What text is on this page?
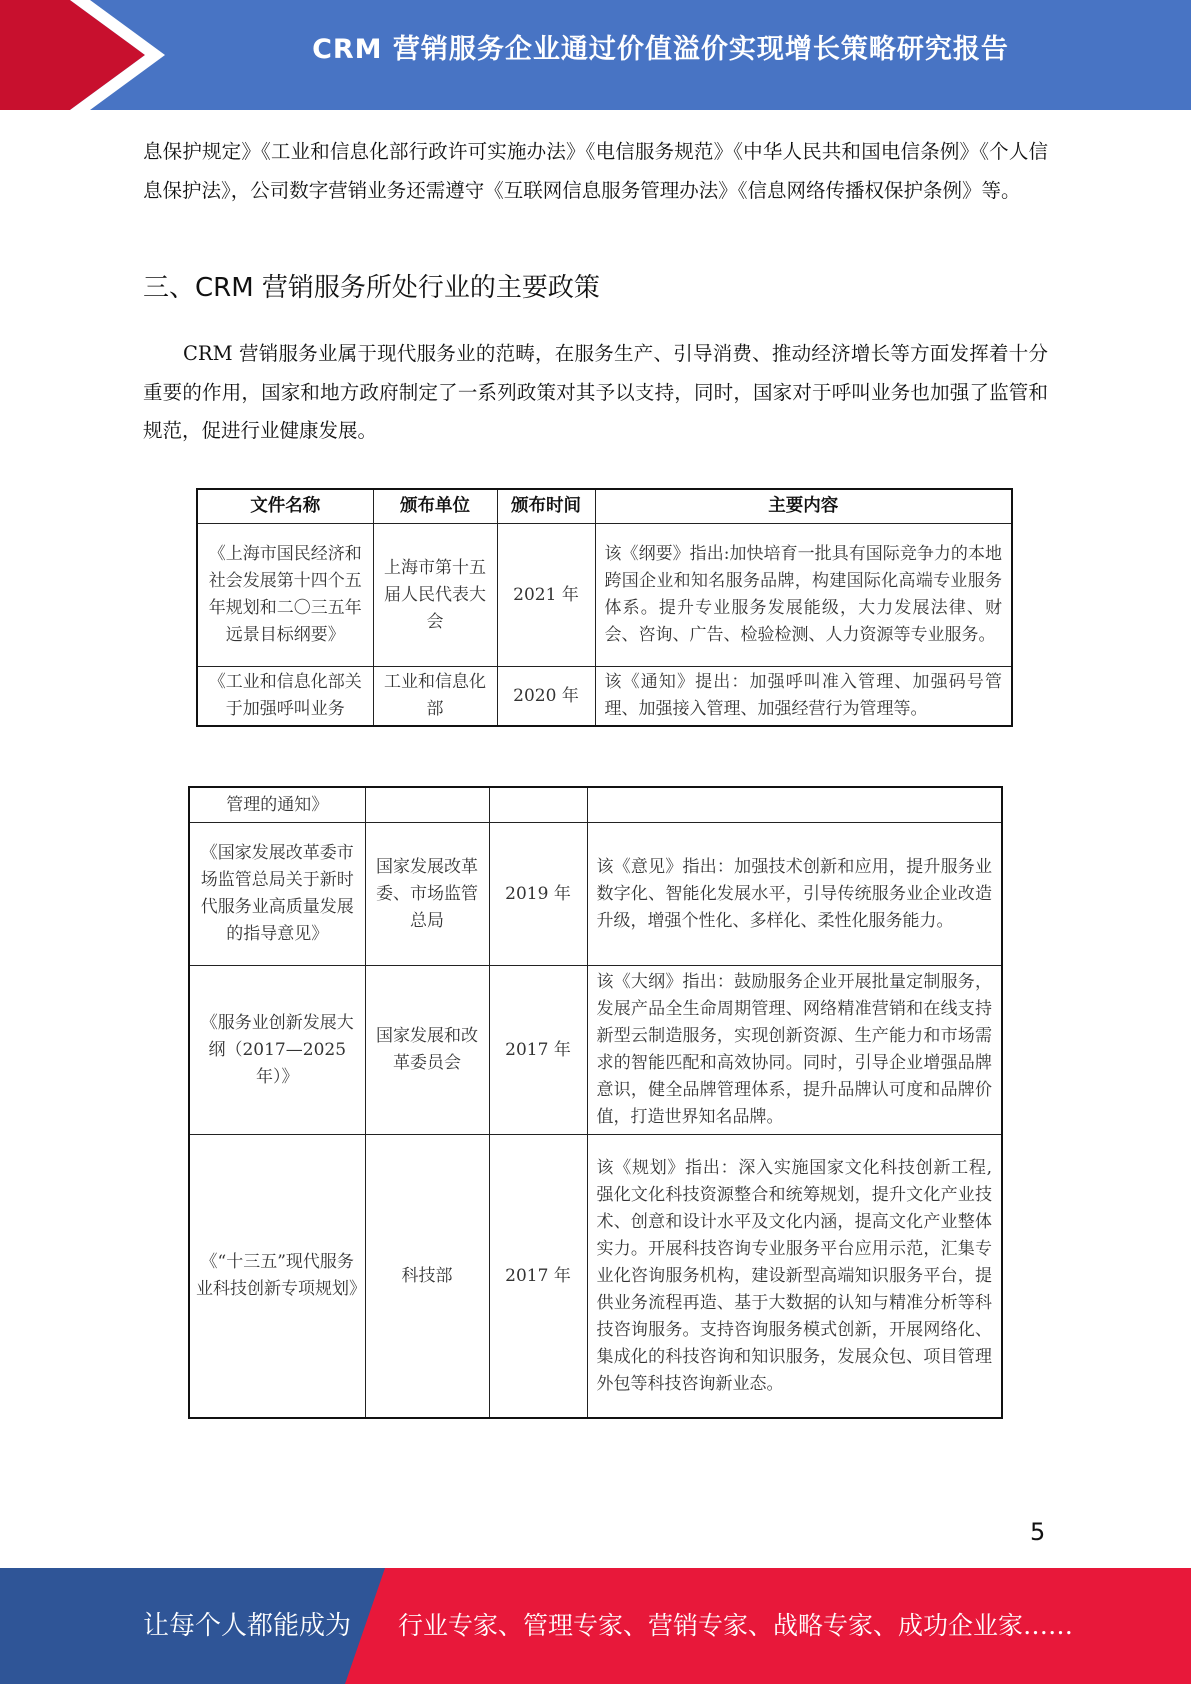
CRM 营销服务企业通过价值溢价实现增长策略研究报告

息保护规定》《工业和信息化部行政许可实施办法》《电信服务规范》《中华人民共和国电信条例》《个人信息保护法》，公司数字营销业务还需遵守《互联网信息服务管理办法》《信息网络传播权保护条例》等。

三、CRM 营销服务所处行业的主要政策

CRM 营销服务业属于现代服务业的范畴，在服务生产、引导消费、推动经济增长等方面发挥着十分重要的作用，国家和地方政府制定了一系列政策对其予以支持，同时，国家对于呼叫业务也加强了监管和规范，促进行业健康发展。

文件名称	颁布单位	颁布时间	主要内容
《上海市国民经济和社会发展第十四个五年规划和二〇三五年远景目标纲要》	上海市第十五届人民代表大会	2021 年	该《纲要》指出:加快培育一批具有国际竞争力的本地跨国企业和知名服务品牌，构建国际化高端专业服务体系。提升专业服务发展能级，大力发展法律、财会、咨询、广告、检验检测、人力资源等专业服务。
《工业和信息化部关于加强呼叫业务	工业和信息化部	2020 年	该《通知》提出：加强呼叫准入管理、加强码号管理、加强接入管理、加强经营行为管理等。
管理的通知》			
《国家发展改革委市场监管总局关于新时代服务业高质量发展的指导意见》	国家发展改革委、市场监管总局	2019 年	该《意见》指出：加强技术创新和应用，提升服务业数字化、智能化发展水平，引导传统服务业企业改造升级，增强个性化、多样化、柔性化服务能力。
《服务业创新发展大纲（2017—2025 年）》	国家发展和改革委员会	2017 年	该《大纲》指出：鼓励服务企业开展批量定制服务，发展产品全生命周期管理、网络精准营销和在线支持新型云制造服务，实现创新资源、生产能力和市场需求的智能匹配和高效协同。同时，引导企业增强品牌意识，健全品牌管理体系，提升品牌认可度和品牌价值，打造世界知名品牌。
《“十三五”现代服务业科技创新专项规划》	科技部	2017 年	该《规划》指出：深入实施国家文化科技创新工程,强化文化科技资源整合和统筹规划，提升文化产业技术、创意和设计水平及文化内涵，提高文化产业整体实力。开展科技咨询专业服务平台应用示范，汇集专业化咨询服务机构，建设新型高端知识服务平台，提供业务流程再造、基于大数据的认知与精准分析等科技咨询服务。支持咨询服务模式创新，开展网络化、集成化的科技咨询和知识服务，发展众包、项目管理外包等科技咨询新业态。
5
让每个人都能成为 行业专家、管理专家、营销专家、战略专家、成功企业家……
